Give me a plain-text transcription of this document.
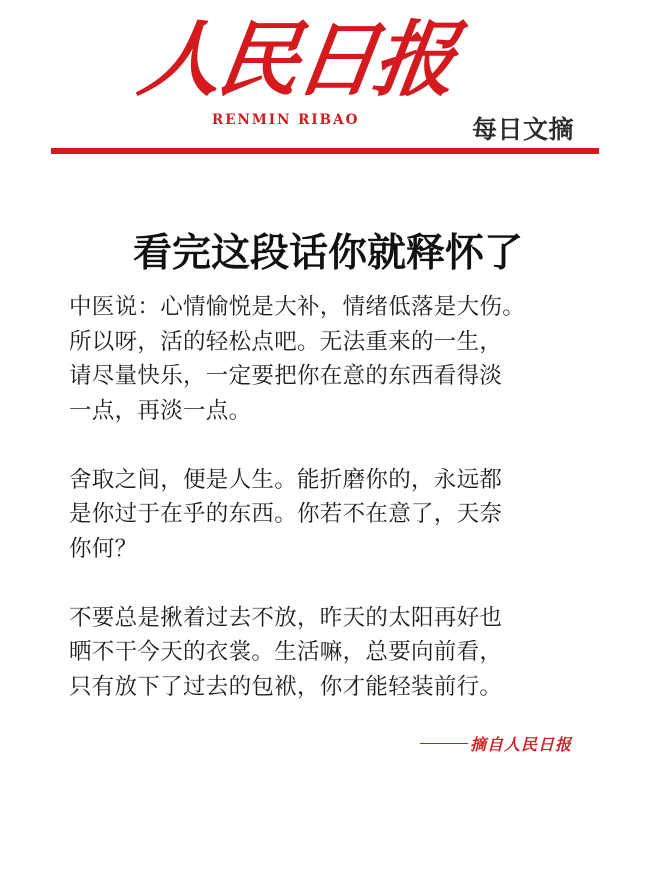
人民日报
RENMIN RIBAO	每日文摘
看完这段话你就释怀了

中医说：心情愉悦是大补，情绪低落是大伤。
所以呀，活的轻松点吧。无法重来的一生，
请尽量快乐，一定要把你在意的东西看得淡
一点，再淡一点。

舍取之间，便是人生。能折磨你的，永远都
是你过于在乎的东西。你若不在意了，天奈
你何？

不要总是揪着过去不放，昨天的太阳再好也
晒不干今天的衣裳。生活嘛，总要向前看，
只有放下了过去的包袱，你才能轻装前行。

摘自人民日报
